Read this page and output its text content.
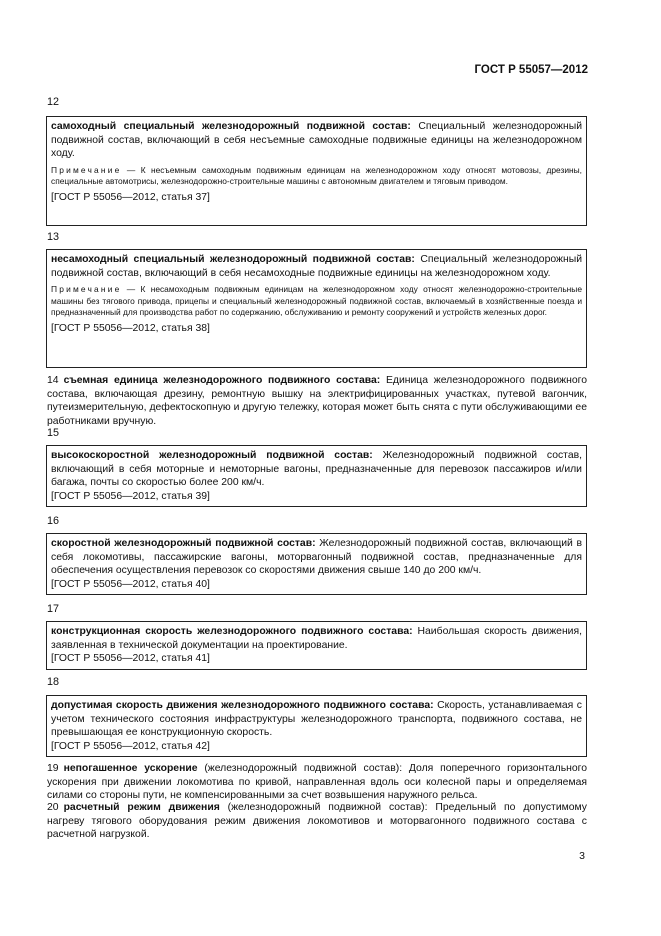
ГОСТ Р 55057—2012
12

самоходный специальный железнодорожный подвижной состав: Специальный железнодорожный подвижной состав, включающий в себя несъемные самоходные подвижные единицы на железнодорожном ходу.

Примечание — К несъемным самоходным подвижным единицам на железнодорожном ходу относят мотовозы, дрезины, специальные автомотрисы, железнодорожно-строительные машины с автономным двигателем и тяговым приводом.

[ГОСТ Р 55056—2012, статья 37]

13

несамоходный специальный железнодорожный подвижной состав: Специальный железнодорожный подвижной состав, включающий в себя несамоходные подвижные единицы на железнодорожном ходу.

Примечание — К несамоходным подвижным единицам на железнодорожном ходу относят железнодорожно-строительные машины без тягового привода, прицепы и специальный железнодорожный подвижной состав, включаемый в хозяйственные поезда и предназначенный для производства работ по содержанию, обслуживанию и ремонту сооружений и устройств железных дорог.

[ГОСТ Р 55056—2012, статья 38]

14 съемная единица железнодорожного подвижного состава: Единица железнодорожного подвижного состава, включающая дрезину, ремонтную вышку на электрифицированных участках, путевой вагончик, путеизмерительную, дефектоскопную и другую тележку, которая может быть снята с пути обслуживающими ее работниками вручную.
15

высокоскоростной железнодорожный подвижной состав: Железнодорожный подвижной состав, включающий в себя моторные и немоторные вагоны, предназначенные для перевозок пассажиров и/или багажа, почты со скоростью более 200 км/ч.

[ГОСТ Р 55056—2012, статья 39]

16

скоростной железнодорожный подвижной состав: Железнодорожный подвижной состав, включающий в себя локомотивы, пассажирские вагоны, моторвагонный подвижной состав, предназначенные для обеспечения осуществления перевозок со скоростями движения свыше 140 до 200 км/ч.

[ГОСТ Р 55056—2012, статья 40]

17

конструкционная скорость железнодорожного подвижного состава: Наибольшая скорость движения, заявленная в технической документации на проектирование.

[ГОСТ Р 55056—2012, статья 41]

18

допустимая скорость движения железнодорожного подвижного состава: Скорость, устанавливаемая с учетом технического состояния инфраструктуры железнодорожного транспорта, подвижного состава, не превышающая ее конструкционную скорость.

[ГОСТ Р 55056—2012, статья 42]

19 непогашенное ускорение (железнодорожный подвижной состав): Доля поперечного горизонтального ускорения при движении локомотива по кривой, направленная вдоль оси колесной пары и определяемая силами со стороны пути, не компенсированными за счет возвышения наружного рельса.
20 расчетный режим движения (железнодорожный подвижной состав): Предельный по допустимому нагреву тягового оборудования режим движения локомотивов и моторвагонного подвижного состава с расчетной нагрузкой.
3
